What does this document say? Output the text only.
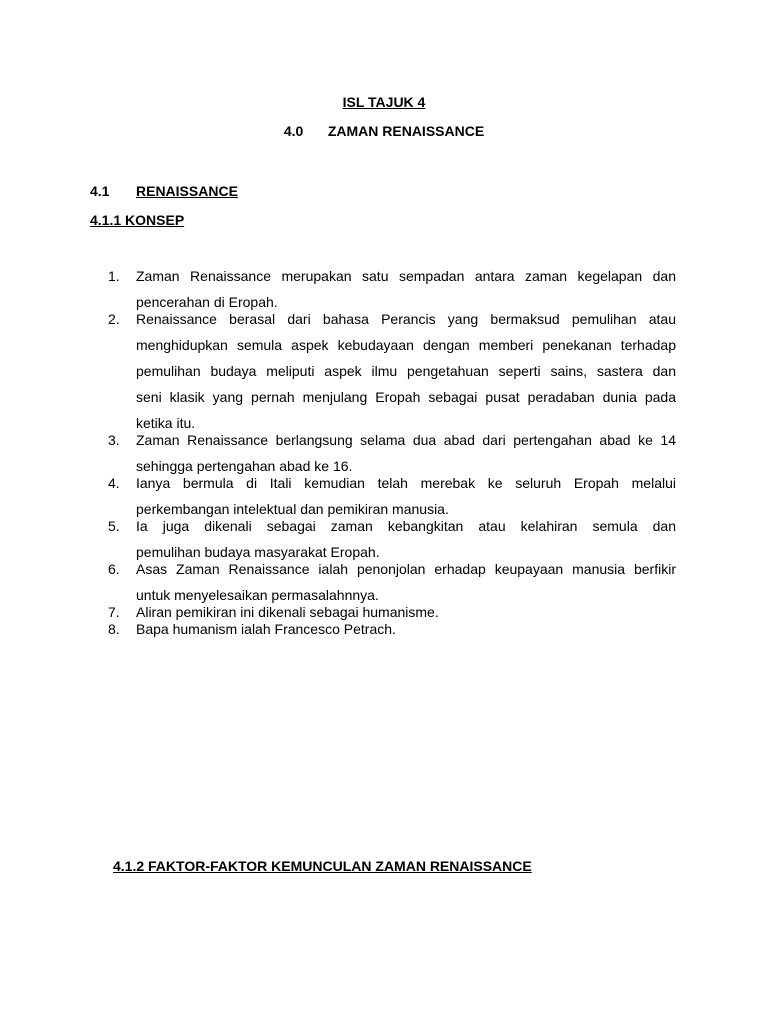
ISL TAJUK 4
4.0 ZAMAN RENAISSANCE
4.1 RENAISSANCE
4.1.1 KONSEP
1. Zaman Renaissance merupakan satu sempadan antara zaman kegelapan dan
pencerahan di Eropah.
2. Renaissance berasal dari bahasa Perancis yang bermaksud pemulihan atau
menghidupkan semula aspek kebudayaan dengan memberi penekanan terhadap
pemulihan budaya meliputi aspek ilmu pengetahuan seperti sains, sastera dan
seni klasik yang pernah menjulang Eropah sebagai pusat peradaban dunia pada
ketika itu.
3. Zaman Renaissance berlangsung selama dua abad dari pertengahan abad ke 14
sehingga pertengahan abad ke 16.
4. Ianya bermula di Itali kemudian telah merebak ke seluruh Eropah melalui
perkembangan intelektual dan pemikiran manusia.
5. Ia juga dikenali sebagai zaman kebangkitan atau kelahiran semula dan
pemulihan budaya masyarakat Eropah.
6. Asas Zaman Renaissance ialah penonjolan erhadap keupayaan manusia berfikir
untuk menyelesaikan permasalahnnya.
7. Aliran pemikiran ini dikenali sebagai humanisme.
8. Bapa humanism ialah Francesco Petrach.
4.1.2 FAKTOR-FAKTOR KEMUNCULAN ZAMAN RENAISSANCE
